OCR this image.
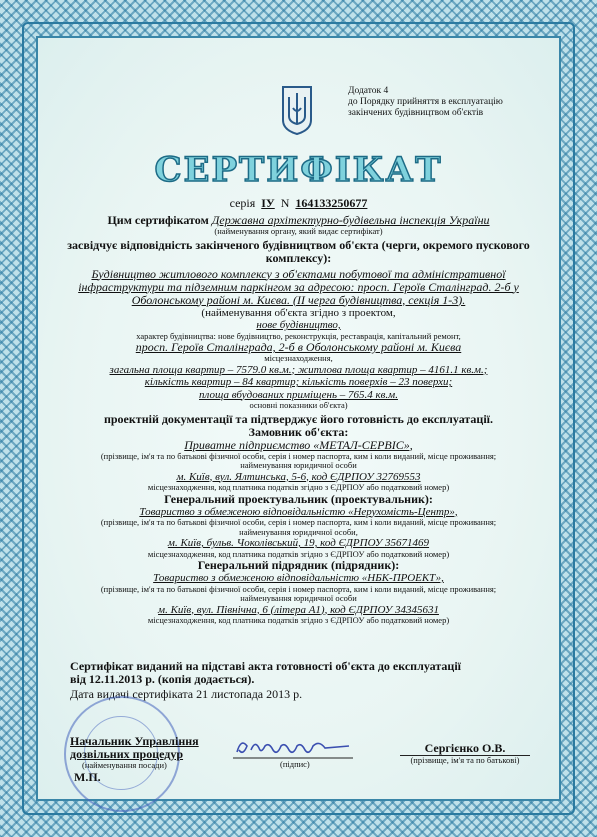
Додаток 4
до Порядку прийняття в експлуатацію
закінчених будівництвом об'єктів
СЕРТИФІКАТ
серія ІУ N 164133250677

Цим сертифікатом Державна архітектурно-будівельна інспекція України

(найменування органу, який видає сертифікат)

засвідчує відповідність закінченого будівництвом об'єкта (черги, окремого пускового комплексу):

Будівництво житлового комплексу з об'єктами побутової та адміністративної

інфраструктури та підземним паркінгом за адресою: просп. Героїв Сталінград. 2-б у

Оболонському районі м. Києва. (ІІ черга будівництва, секція 1-3).

(найменування об'єкта згідно з проектом,

нове будівництво,

характер будівництва: нове будівництво, реконструкція, реставрація, капітальний ремонт,

просп. Героїв Сталінграда, 2-б в Оболонському районі м. Києва

місцезнаходження,

загальна площа квартир – 7579.0 кв.м.; житлова площа квартир – 4161.1 кв.м.;

кількість квартир – 84 квартир; кількість поверхів – 23 поверхи;

площа вбудованих приміщень – 765.4 кв.м.

основні показники об'єкта)

проектній документації та підтверджує його готовність до експлуатації.

Замовник об'єкта:

Приватне підприємство «МЕТАЛ-СЕРВІС»,

(прізвище, ім'я та по батькові фізичної особи, серія і номер паспорта, ким і коли виданий, місце проживання;

найменування юридичної особи

м. Київ, вул. Ялтинська, 5-6, код ЄДРПОУ 32769553

місцезнаходження, код платника податків згідно з ЄДРПОУ або податковий номер)

Генеральний проектувальник (проектувальник):

Товариство з обмеженою відповідальністю «Нерухомість-Центр»,

(прізвище, ім'я та по батькові фізичної особи, серія і номер паспорта, ким і коли виданий, місце проживання;

найменування юридичної особи,

м. Київ, бульв. Чоколівський, 19, код ЄДРПОУ 35671469

місцезнаходження, код платника податків згідно з ЄДРПОУ або податковий номер)

Генеральний підрядник (підрядник):

Товариство з обмеженою відповідальністю «НБК-ПРОЕКТ»,

(прізвище, ім'я та по батькові фізичної особи, серія і номер паспорта, ким і коли виданий, місце проживання;

найменування юридичної особи

м. Київ, вул. Північна, 6 (літера А1), код ЄДРПОУ 34345631

місцезнаходження, код платника податків згідно з ЄДРПОУ або податковий номер)

Сертифікат виданий на підставі акта готовності об'єкта до експлуатації
від 12.11.2013 р. (копія додається).
Дата видачі сертифіката 21 листопада 2013 р.
Начальник Управління
дозвільних процедур
(найменування посади)
М.П.
(підпис)
Сергієнко О.В.
(прізвище, ім'я та по батькові)
